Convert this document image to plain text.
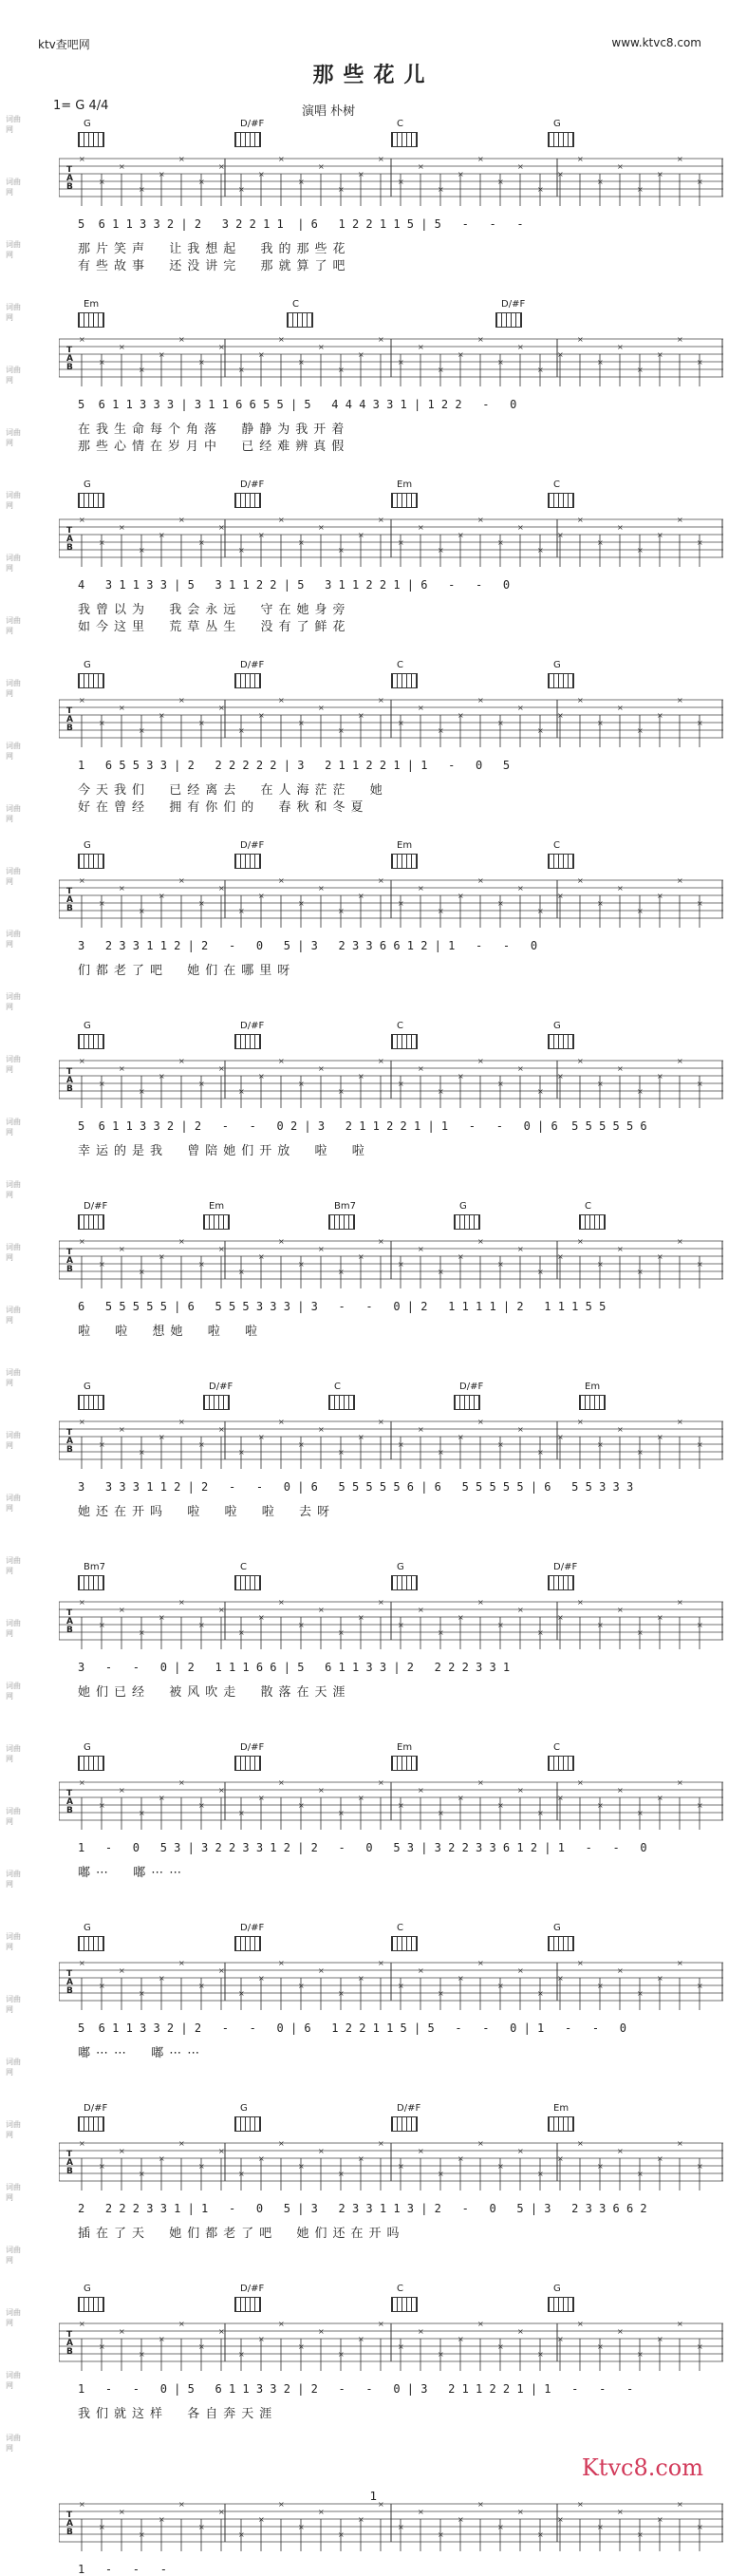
ktv查吧网	www.ktvc8.com
那些花儿
1= G 4/4	演唱 朴树
词曲网
词曲网
词曲网
词曲网
词曲网
词曲网
词曲网
词曲网
词曲网
词曲网
词曲网
词曲网
词曲网
词曲网
词曲网
词曲网
词曲网
词曲网
词曲网
词曲网
词曲网
词曲网
词曲网
词曲网
词曲网
词曲网
词曲网
词曲网
词曲网
词曲网
词曲网
词曲网
词曲网
词曲网
词曲网
词曲网
词曲网
词曲网
G	D/#F	C	G
×
×
×
×
×
×
×
×
×
×
×
×
×
×
×
×
×
×
×
×
×
×
×
×
×
×
×
×
×
×
×
×
T
A
B
5  6 1 1 3 3 2 | 2   3 2 2 1 1  | 6   1 2 2 1 1 5 | 5   -   -   -
那片笑声  让我想起  我的那些花
有些故事  还没讲完  那就算了吧
Em	C	D/#F
×
×
×
×
×
×
×
×
×
×
×
×
×
×
×
×
×
×
×
×
×
×
×
×
×
×
×
×
×
×
×
×
T
A
B
5  6 1 1 3 3 3 | 3 1 1 6 6 5 5 | 5   4 4 4 3 3 1 | 1 2 2   -   0
在我生命每个角落  静静为我开着
那些心情在岁月中  已经难辨真假
G	D/#F	Em	C
×
×
×
×
×
×
×
×
×
×
×
×
×
×
×
×
×
×
×
×
×
×
×
×
×
×
×
×
×
×
×
×
T
A
B
4   3 1 1 3 3 | 5   3 1 1 2 2 | 5   3 1 1 2 2 1 | 6   -   -   0
我曾以为  我会永远  守在她身旁
如今这里  荒草丛生  没有了鲜花
G	D/#F	C	G
×
×
×
×
×
×
×
×
×
×
×
×
×
×
×
×
×
×
×
×
×
×
×
×
×
×
×
×
×
×
×
×
T
A
B
1   6 5 5 3 3 | 2   2 2 2 2 2 | 3   2 1 1 2 2 1 | 1   -   0   5
今天我们  已经离去  在人海茫茫  她
好在曾经  拥有你们的  春秋和冬夏
G	D/#F	Em	C
×
×
×
×
×
×
×
×
×
×
×
×
×
×
×
×
×
×
×
×
×
×
×
×
×
×
×
×
×
×
×
×
T
A
B
3   2 3 3 1 1 2 | 2   -   0   5 | 3   2 3 3 6 6 1 2 | 1   -   -   0
们都老了吧  她们在哪里呀
G	D/#F	C	G
×
×
×
×
×
×
×
×
×
×
×
×
×
×
×
×
×
×
×
×
×
×
×
×
×
×
×
×
×
×
×
×
T
A
B
5  6 1 1 3 3 2 | 2   -   -   0 2 | 3   2 1 1 2 2 1 | 1   -   -   0 | 6  5 5 5 5 5 6
幸运的是我  曾陪她们开放  啦  啦
D/#F	Em	Bm7	G	C
×
×
×
×
×
×
×
×
×
×
×
×
×
×
×
×
×
×
×
×
×
×
×
×
×
×
×
×
×
×
×
×
T
A
B
6   5 5 5 5 5 | 6   5 5 5 3 3 3 | 3   -   -   0 | 2   1 1 1 1 | 2   1 1 1 5 5
啦  啦  想她  啦  啦
G	D/#F	C	D/#F	Em
×
×
×
×
×
×
×
×
×
×
×
×
×
×
×
×
×
×
×
×
×
×
×
×
×
×
×
×
×
×
×
×
T
A
B
3   3 3 3 1 1 2 | 2   -   -   0 | 6   5 5 5 5 5 6 | 6   5 5 5 5 5 | 6   5 5 3 3 3
她还在开吗  啦  啦  啦  去呀
Bm7	C	G	D/#F
×
×
×
×
×
×
×
×
×
×
×
×
×
×
×
×
×
×
×
×
×
×
×
×
×
×
×
×
×
×
×
×
T
A
B
3   -   -   0 | 2   1 1 1 6 6 | 5   6 1 1 3 3 | 2   2 2 2 3 3 1
她们已经  被风吹走  散落在天涯
G	D/#F	Em	C
×
×
×
×
×
×
×
×
×
×
×
×
×
×
×
×
×
×
×
×
×
×
×
×
×
×
×
×
×
×
×
×
T
A
B
1   -   0   5 3 | 3 2 2 3 3 1 2 | 2   -   0   5 3 | 3 2 2 3 3 6 1 2 | 1   -   -   0
嘟⋯  嘟⋯⋯
G	D/#F	C	G
×
×
×
×
×
×
×
×
×
×
×
×
×
×
×
×
×
×
×
×
×
×
×
×
×
×
×
×
×
×
×
×
T
A
B
5  6 1 1 3 3 2 | 2   -   -   0 | 6   1 2 2 1 1 5 | 5   -   -   0 | 1   -   -   0
嘟⋯⋯  嘟⋯⋯
D/#F	G	D/#F	Em
×
×
×
×
×
×
×
×
×
×
×
×
×
×
×
×
×
×
×
×
×
×
×
×
×
×
×
×
×
×
×
×
T
A
B
2   2 2 2 3 3 1 | 1   -   0   5 | 3   2 3 3 1 1 3 | 2   -   0   5 | 3   2 3 3 6 6 2
插在了天  她们都老了吧  她们还在开吗
G	D/#F	C	G
×
×
×
×
×
×
×
×
×
×
×
×
×
×
×
×
×
×
×
×
×
×
×
×
×
×
×
×
×
×
×
×
T
A
B
1   -   -   0 | 5   6 1 1 3 3 2 | 2   -   -   0 | 3   2 1 1 2 2 1 | 1   -   -   -
我们就这样  各自奔天涯
×
×
×
×
×
×
×
×
×
×
×
×
×
×
×
×
×
×
×
×
×
×
×
×
×
×
×
×
×
×
×
×
T
A
B
1   -   -   -
Ktvc8.com
1
